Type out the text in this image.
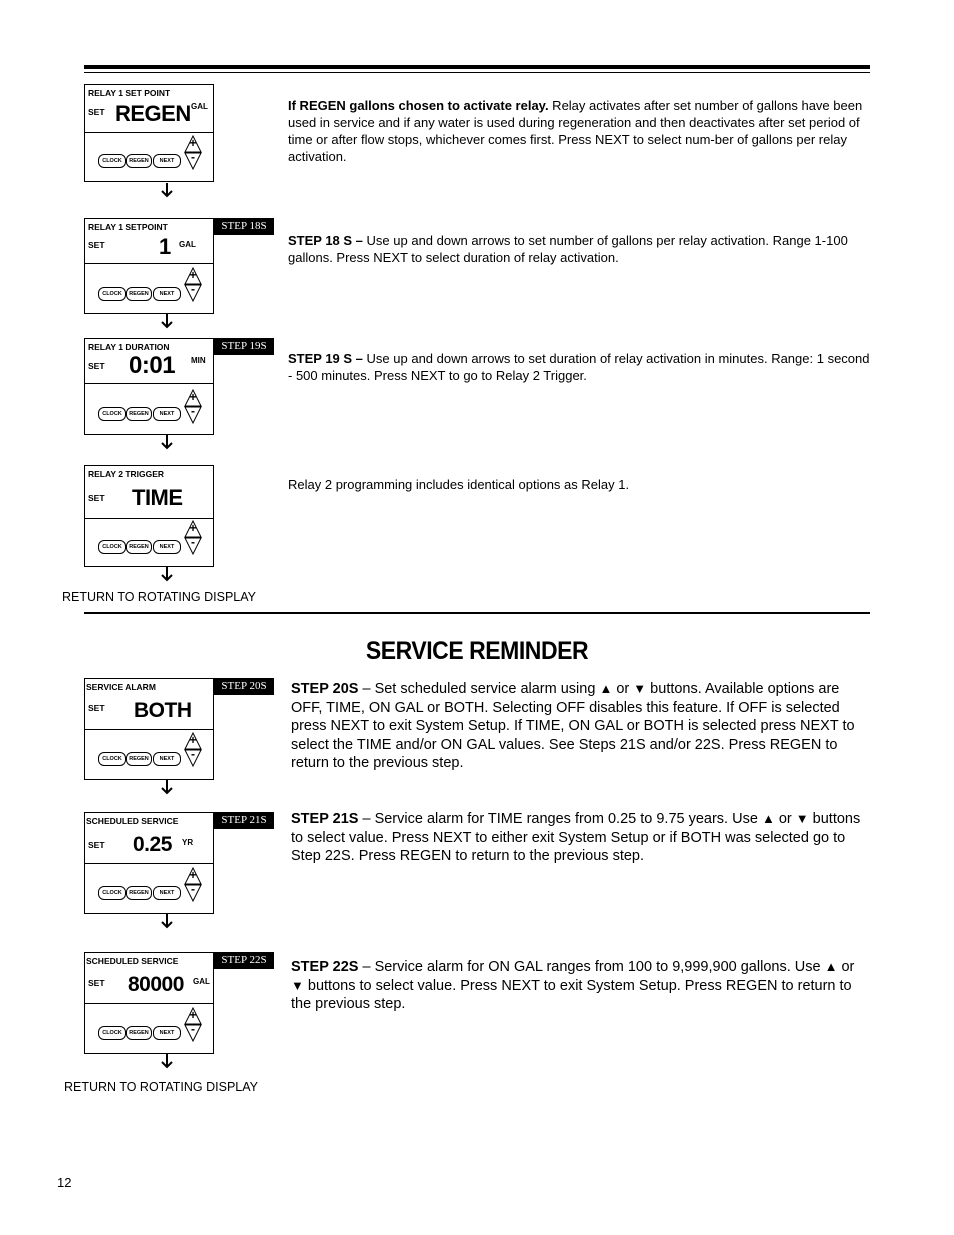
RELAY 1 SET POINT
SET REGEN GAL
CLOCK	REGEN	NEXT
+
-
RELAY 1 SETPOINT
SET 1 GAL
CLOCK	REGEN	NEXT
+
-
STEP 18S
RELAY 1 DURATION
SET 0:01 MIN
CLOCK	REGEN	NEXT
+
-
STEP 19S
RELAY 2 TRIGGER
SET TIME
CLOCK	REGEN	NEXT
+
-
RETURN TO ROTATING DISPLAY
If REGEN gallons chosen to activate relay. Relay activates after set number of gallons have been used in service and if any water is used during regeneration and then deactivates after set period of time or after flow stops, whichever comes first. Press NEXT to select num-ber of gallons per relay activation.
STEP 18 S – Use up and down arrows to set number of gallons per relay activation. Range 1-100 gallons. Press NEXT to select duration of relay activation.
STEP 19 S – Use up and down arrows to set duration of relay activation in minutes. Range: 1 second - 500 minutes. Press NEXT to go to Relay 2 Trigger.
Relay 2 programming includes identical options as Relay 1.
SERVICE REMINDER
SERVICE ALARM
SET BOTH
CLOCK	REGEN	NEXT
+
-
STEP 20S
SCHEDULED SERVICE
SET 0.25 YR
CLOCK	REGEN	NEXT
+
-
STEP 21S
SCHEDULED SERVICE
SET 80000 GAL
CLOCK	REGEN	NEXT
+
-
STEP 22S
RETURN TO ROTATING DISPLAY
STEP 20S – Set scheduled service alarm using ▲ or ▼ buttons. Available options are OFF, TIME, ON GAL or BOTH. Selecting OFF disables this feature. If OFF is selected press NEXT to exit System Setup. If TIME, ON GAL or BOTH is selected press NEXT to select the TIME and/or ON GAL values. See Steps 21S and/or 22S. Press REGEN to return to the previous step.
STEP 21S – Service alarm for TIME ranges from 0.25 to 9.75 years. Use ▲ or ▼ buttons to select value. Press NEXT to either exit System Setup or if BOTH was selected go to Step 22S. Press REGEN to return to the previous step.
STEP 22S – Service alarm for ON GAL ranges from 100 to 9,999,900 gallons. Use ▲ or ▼ buttons to select value. Press NEXT to exit System Setup. Press REGEN to return to the previous step.
12
